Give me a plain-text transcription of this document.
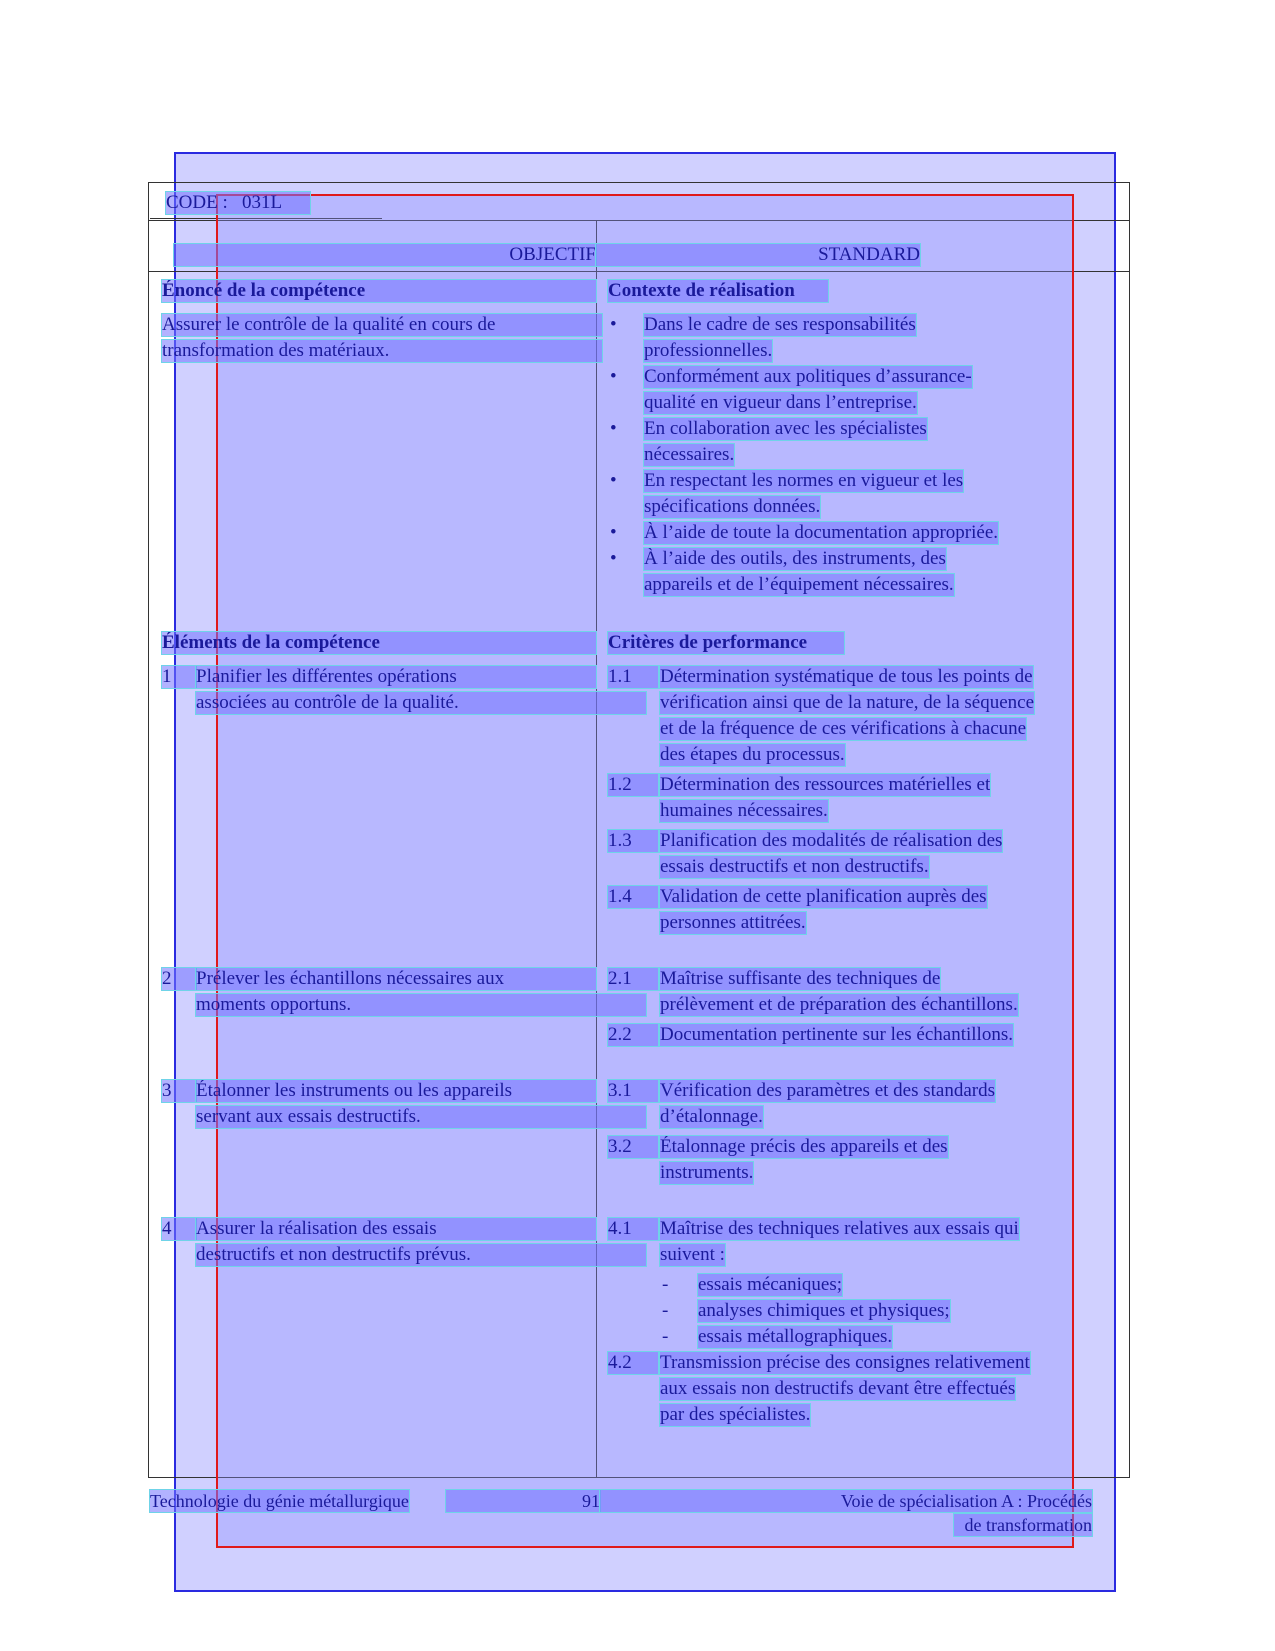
CODE : 031L
OBJECTIF	STANDARD
Énoncé de la compétence
Assurer le contrôle de la qualité en cours de
transformation des matériaux.
Contexte de réalisation
• Dans le cadre de ses responsabilités
professionnelles.
• Conformément aux politiques d’assurance-
qualité en vigueur dans l’entreprise.
• En collaboration avec les spécialistes
nécessaires.
• En respectant les normes en vigueur et les
spécifications données.
• À l’aide de toute la documentation appropriée.
• À l’aide des outils, des instruments, des
appareils et de l’équipement nécessaires.
Éléments de la compétence	Critères de performance
1	Planifier les différentes opérations
associées au contrôle de la qualité.
1.1	Détermination systématique de tous les points de
vérification ainsi que de la nature, de la séquence
et de la fréquence de ces vérifications à chacune
des étapes du processus.
1.2	Détermination des ressources matérielles et
humaines nécessaires.
1.3	Planification des modalités de réalisation des
essais destructifs et non destructifs.
1.4	Validation de cette planification auprès des
personnes attitrées.
2	Prélever les échantillons nécessaires aux
moments opportuns.
2.1	Maîtrise suffisante des techniques de
prélèvement et de préparation des échantillons.
2.2	Documentation pertinente sur les échantillons.
3	Étalonner les instruments ou les appareils
servant aux essais destructifs.
3.1	Vérification des paramètres et des standards
d’étalonnage.
3.2	Étalonnage précis des appareils et des
instruments.
4	Assurer la réalisation des essais
destructifs et non destructifs prévus.
4.1	Maîtrise des techniques relatives aux essais qui
suivent :
- essais mécaniques;
- analyses chimiques et physiques;
- essais métallographiques.
4.2	Transmission précise des consignes relativement
aux essais non destructifs devant être effectués
par des spécialistes.
Technologie du génie métallurgique	91	Voie de spécialisation A : Procédés
de transformation
